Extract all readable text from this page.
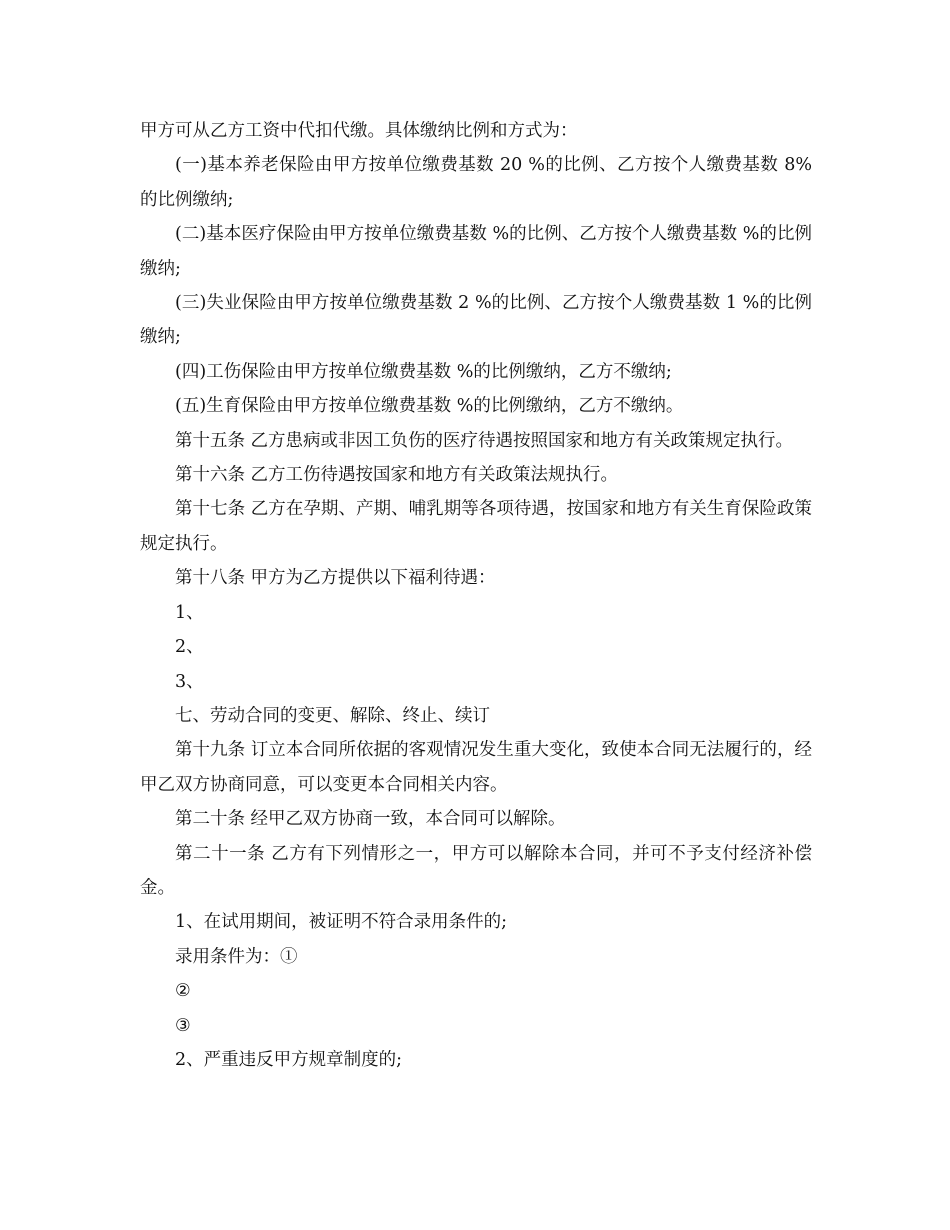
甲方可从乙方工资中代扣代缴。具体缴纳比例和方式为：

(一)基本养老保险由甲方按单位缴费基数 20 %的比例、乙方按个人缴费基数 8%的比例缴纳;

(二)基本医疗保险由甲方按单位缴费基数 %的比例、乙方按个人缴费基数 %的比例缴纳;

(三)失业保险由甲方按单位缴费基数 2 %的比例、乙方按个人缴费基数 1 %的比例缴纳;

(四)工伤保险由甲方按单位缴费基数 %的比例缴纳，乙方不缴纳;

(五)生育保险由甲方按单位缴费基数 %的比例缴纳，乙方不缴纳。

第十五条 乙方患病或非因工负伤的医疗待遇按照国家和地方有关政策规定执行。

第十六条 乙方工伤待遇按国家和地方有关政策法规执行。

第十七条 乙方在孕期、产期、哺乳期等各项待遇，按国家和地方有关生育保险政策规定执行。

第十八条 甲方为乙方提供以下福利待遇：

1、

2、

3、

七、劳动合同的变更、解除、终止、续订

第十九条 订立本合同所依据的客观情况发生重大变化，致使本合同无法履行的，经甲乙双方协商同意，可以变更本合同相关内容。

第二十条 经甲乙双方协商一致，本合同可以解除。

第二十一条 乙方有下列情形之一，甲方可以解除本合同，并可不予支付经济补偿金。

1、在试用期间，被证明不符合录用条件的;

录用条件为：①

②

③

2、严重违反甲方规章制度的;
